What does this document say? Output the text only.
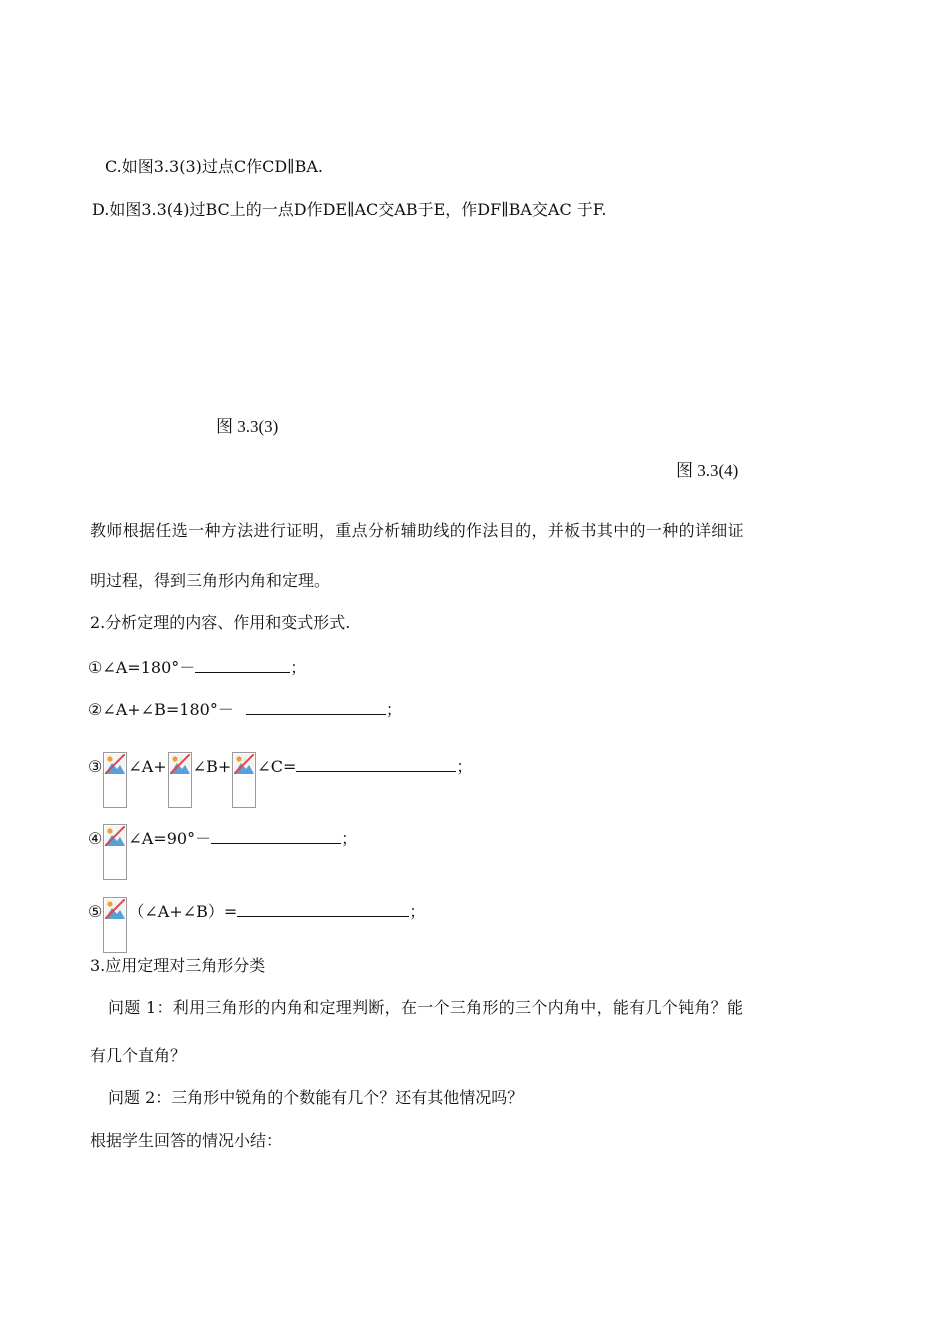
C.如图3.3(3)过点C作CD∥BA.
D.如图3.3(4)过BC上的一点D作DE∥AC交AB于E，作DF∥BA交AC 于F.
图 3.3(3)
图 3.3(4)
教师根据任选一种方法进行证明，重点分析辅助线的作法目的，并板书其中的一种的详细证
明过程，得到三角形内角和定理。
2.分析定理的内容、作用和变式形式.
①∠A=180°－	；
②∠A+∠B=180°－	；
③ ∠A+ ∠B+ ∠C=	；
④ ∠A=90°－	；
⑤ （∠A+∠B）=	；
3.应用定理对三角形分类
问题 1：利用三角形的内角和定理判断，在一个三角形的三个内角中，能有几个钝角？能
有几个直角？
问题 2：三角形中锐角的个数能有几个？还有其他情况吗？
根据学生回答的情况小结：
